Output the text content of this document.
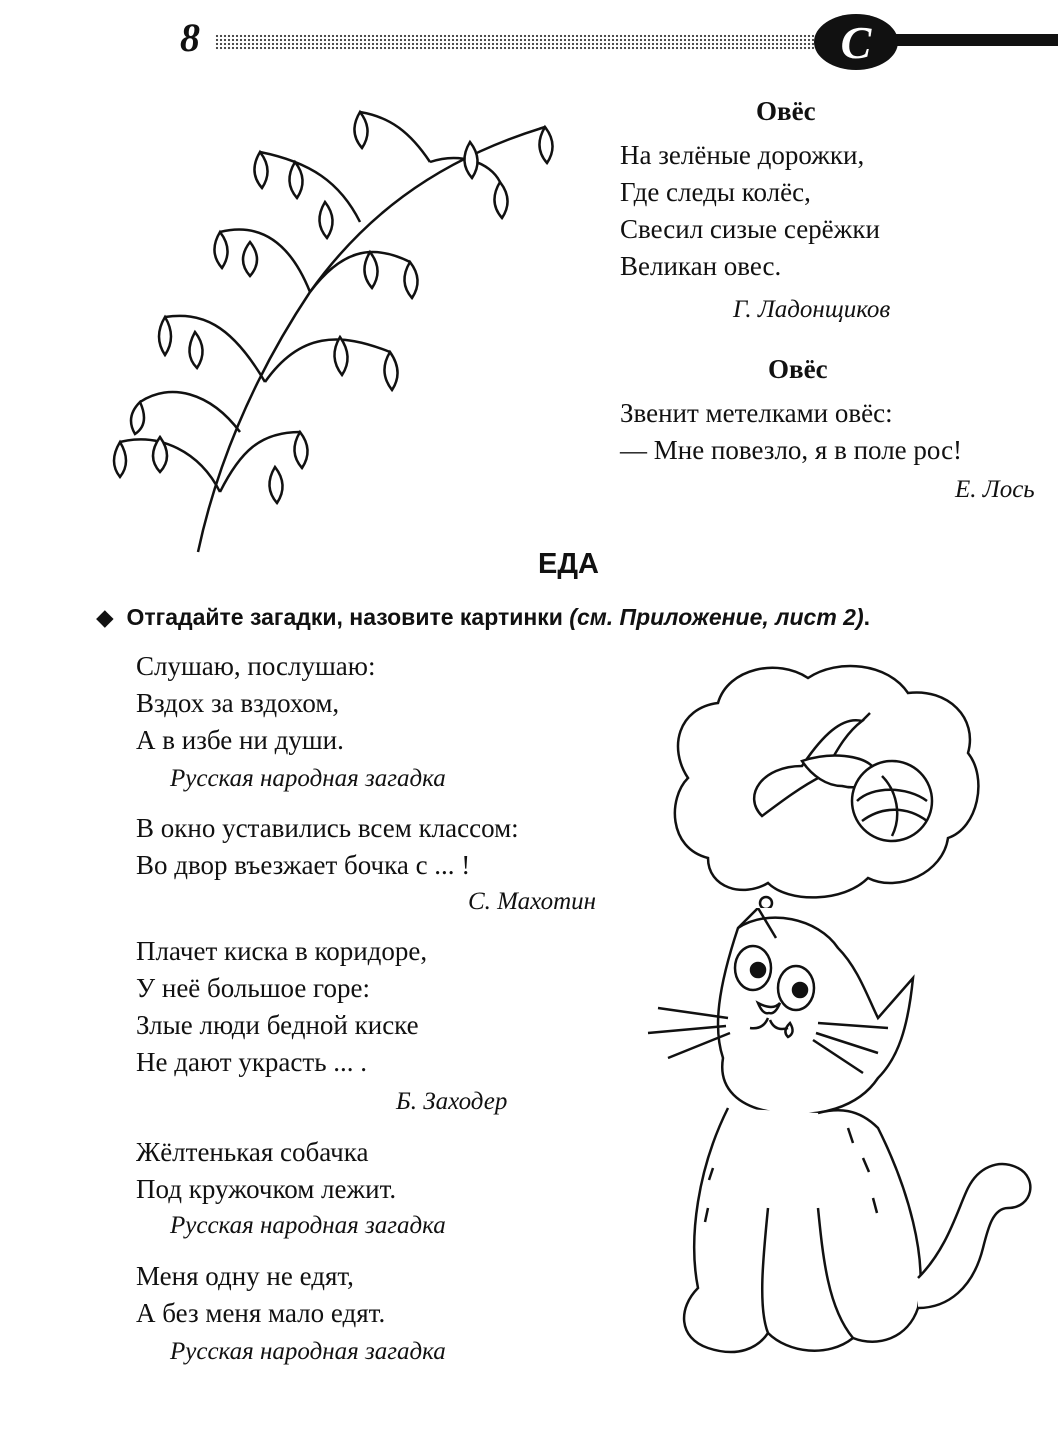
8	С
Овёс
На зелёные дорожки,
Где следы колёс,
Свесил сизые серёжки
Великан овес.
Г. Ладонщиков
Овёс
Звенит метелками овёс:
— Мне повезло, я в поле рос!
Е. Лось
ЕДА
◆ Отгадайте загадки, назовите картинки (см. Приложение, лист 2).
Слушаю, послушаю:
Вздох за вздохом,
А в избе ни души.
Русская народная загадка
В окно уставились всем классом:
Во двор въезжает бочка с ... !
С. Махотин
Плачет киска в коридоре,
У неё большое горе:
Злые люди бедной киске
Не дают украсть ... .
Б. Заходер
Жёлтенькая собачка
Под кружочком лежит.
Русская народная загадка
Меня одну не едят,
А без меня мало едят.
Русская народная загадка
